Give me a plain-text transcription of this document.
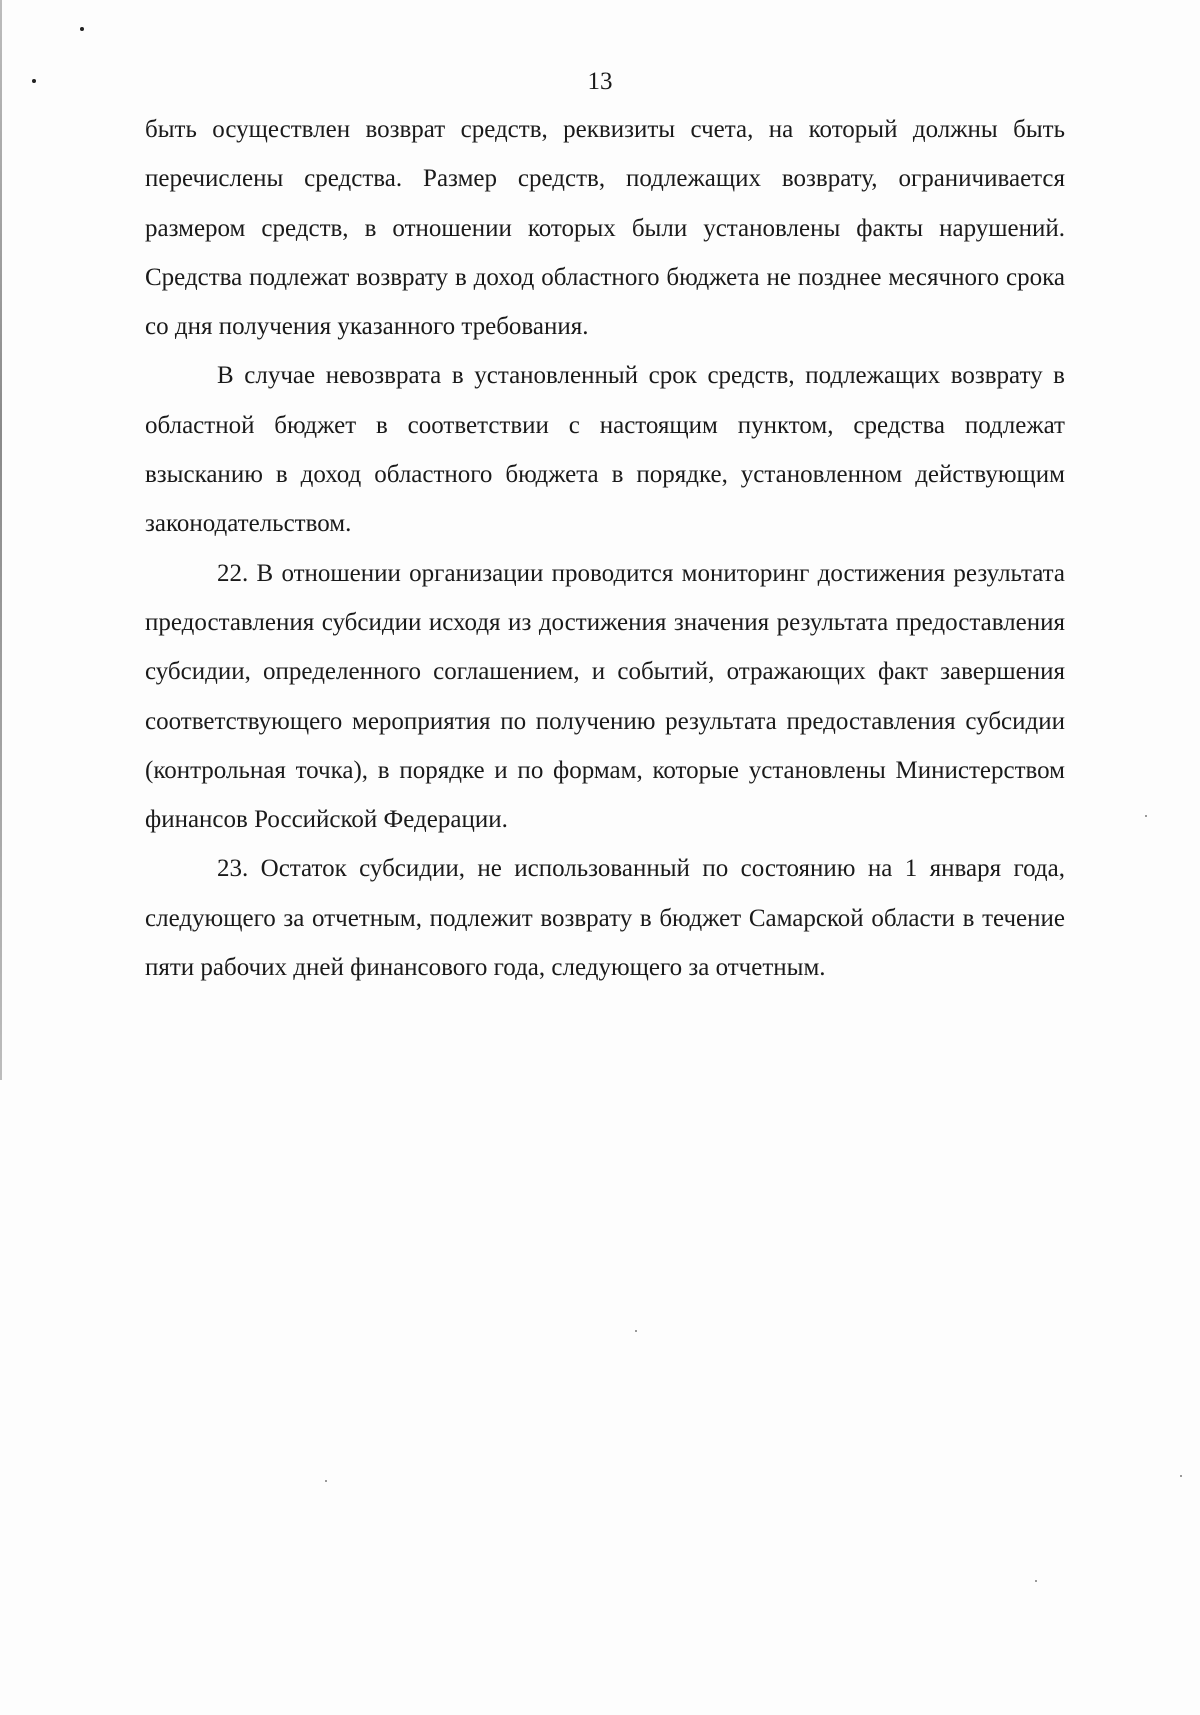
13

быть осуществлен возврат средств, реквизиты счета, на который должны быть перечислены средства. Размер средств, подлежащих возврату, ограничивается размером средств, в отношении которых были установлены факты нарушений. Средства подлежат возврату в доход областного бюджета не позднее месячного срока со дня получения указанного требования.

В случае невозврата в установленный срок средств, подлежащих возврату в областной бюджет в соответствии с настоящим пунктом, средства подлежат взысканию в доход областного бюджета в порядке, установленном действующим законодательством.

22. В отношении организации проводится мониторинг достижения результата предоставления субсидии исходя из достижения значения результата предоставления субсидии, определенного соглашением, и событий, отражающих факт завершения соответствующего мероприятия по получению результата предоставления субсидии (контрольная точка), в порядке и по формам, которые установлены Министерством финансов Российской Федерации.

23. Остаток субсидии, не использованный по состоянию на 1 января года, следующего за отчетным, подлежит возврату в бюджет Самарской области в течение пяти рабочих дней финансового года, следующего за отчетным.
